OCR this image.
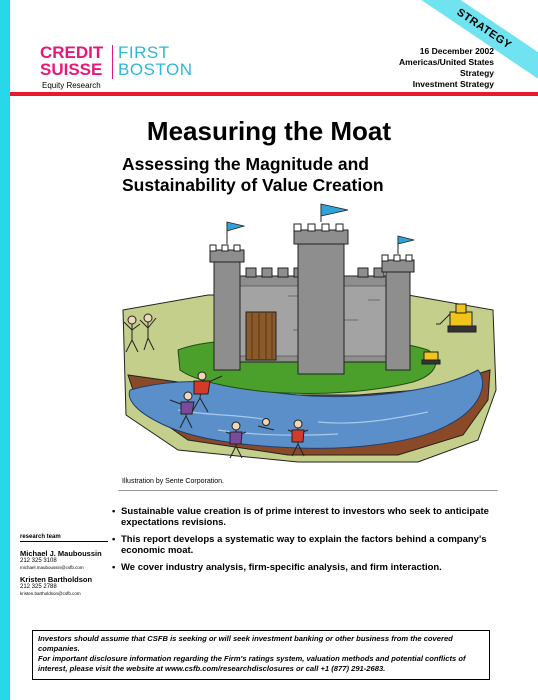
STRATEGY
CREDIT
SUISSE
FIRST
BOSTON
Equity Research
16 December 2002
Americas/United States
Strategy
Investment Strategy
Measuring the Moat
Assessing the Magnitude and
Sustainability of Value Creation
Illustration by Sente Corporation.
• Sustainable value creation is of prime interest to investors who seek to anticipate expectations revisions.
• This report develops a systematic way to explain the factors behind a company's economic moat.
• We cover industry analysis, firm-specific analysis, and firm interaction.
research team
Michael J. Mauboussin
212 325 3108
michael.mauboussin@csfb.com
Kristen Bartholdson
212 325 2788
kristen.bartholdson@csfb.com

Investors should assume that CSFB is seeking or will seek investment banking or other business from the covered companies.

For important disclosure information regarding the Firm's ratings system, valuation methods and potential conflicts of interest, please visit the website at www.csfb.com/researchdisclosures or call +1 (877) 291-2683.
